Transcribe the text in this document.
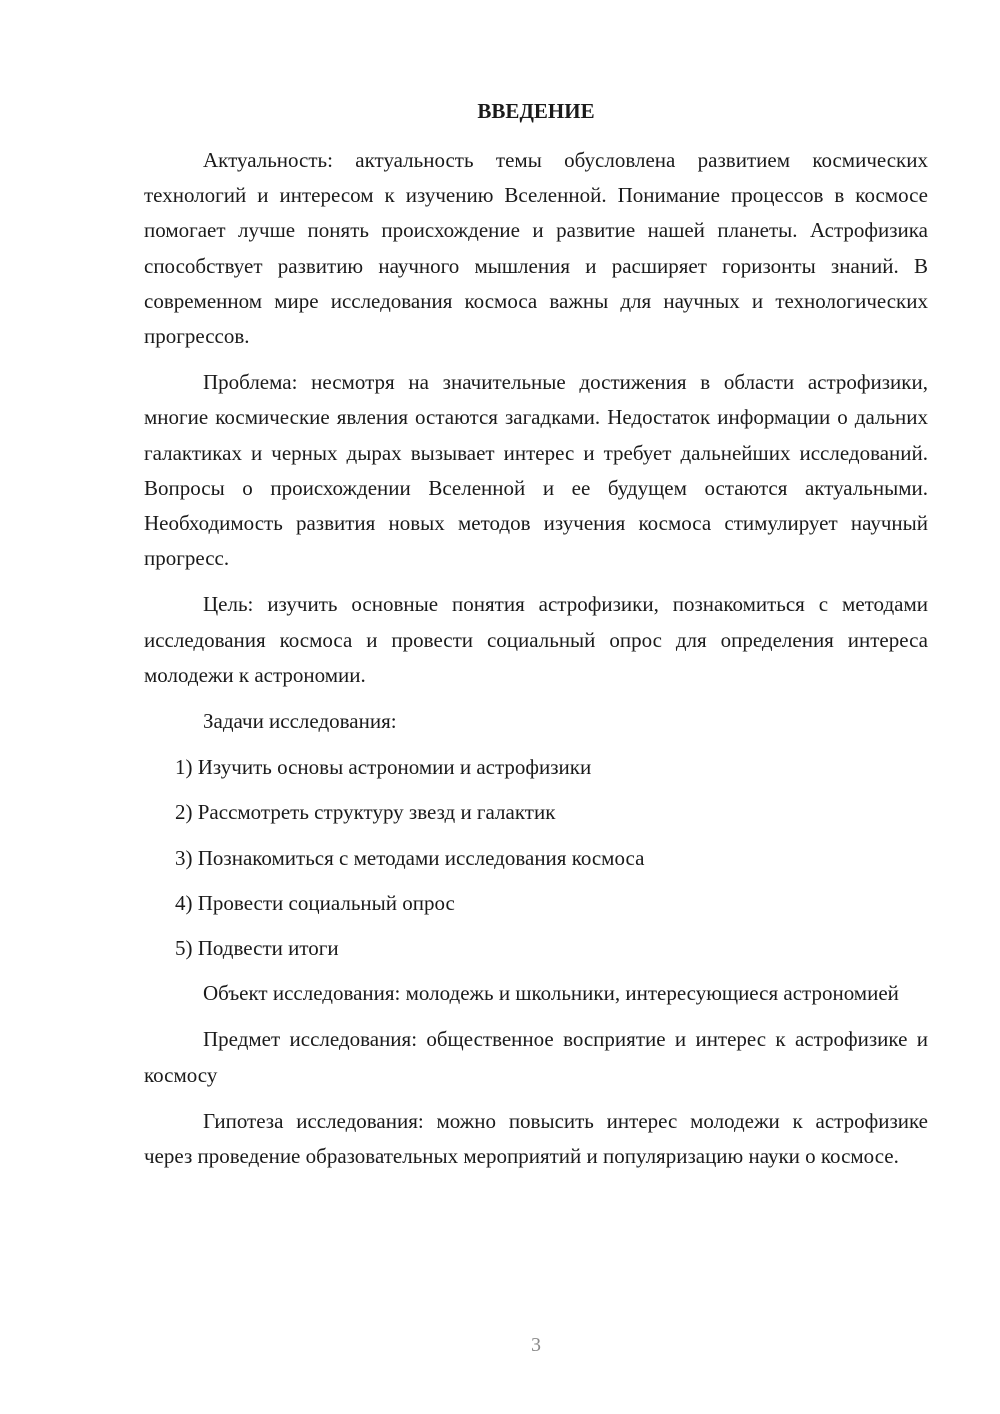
ВВЕДЕНИЕ

Актуальность: актуальность темы обусловлена развитием космических технологий и интересом к изучению Вселенной. Понимание процессов в космосе помогает лучше понять происхождение и развитие нашей планеты. Астрофизика способствует развитию научного мышления и расширяет горизонты знаний. В современном мире исследования космоса важны для научных и технологических прогрессов.

Проблема: несмотря на значительные достижения в области астрофизики, многие космические явления остаются загадками. Недостаток информации о дальних галактиках и черных дырах вызывает интерес и требует дальнейших исследований. Вопросы о происхождении Вселенной и ее будущем остаются актуальными. Необходимость развития новых методов изучения космоса стимулирует научный прогресс.

Цель: изучить основные понятия астрофизики, познакомиться с методами исследования космоса и провести социальный опрос для определения интереса молодежи к астрономии.

Задачи исследования:

1) Изучить основы астрономии и астрофизики

2) Рассмотреть структуру звезд и галактик

3) Познакомиться с методами исследования космоса

4) Провести социальный опрос

5) Подвести итоги

Объект исследования: молодежь и школьники, интересующиеся астрономией

Предмет исследования: общественное восприятие и интерес к астрофизике и космосу

Гипотеза исследования: можно повысить интерес молодежи к астрофизике через проведение образовательных мероприятий и популяризацию науки о космосе.

3
